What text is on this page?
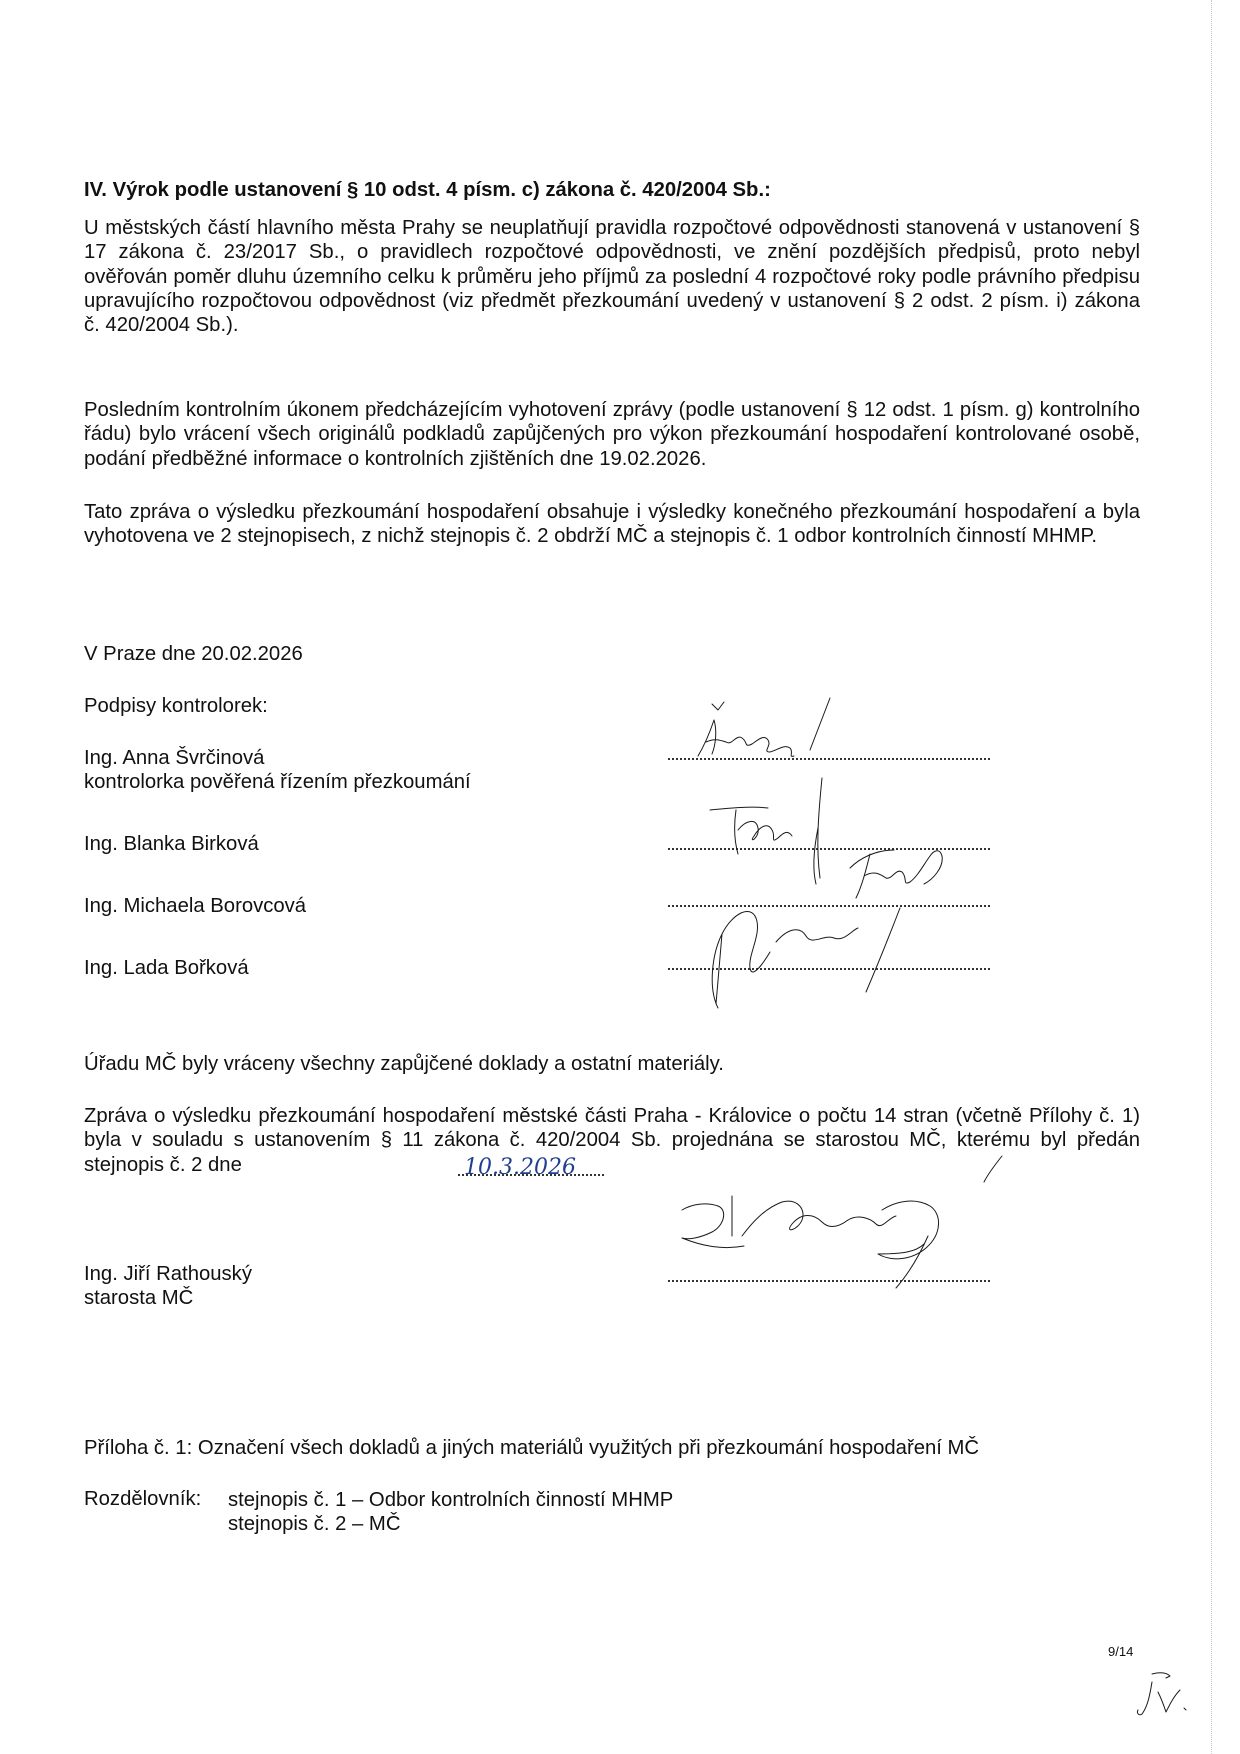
IV. Výrok podle ustanovení § 10 odst. 4 písm. c) zákona č. 420/2004 Sb.:
U městských částí hlavního města Prahy se neuplatňují pravidla rozpočtové odpovědnosti stanovená v ustanovení § 17 zákona č. 23/2017 Sb., o pravidlech rozpočtové odpovědnosti, ve znění pozdějších předpisů, proto nebyl ověřován poměr dluhu územního celku k průměru jeho příjmů za poslední 4 rozpočtové roky podle právního předpisu upravujícího rozpočtovou odpovědnost (viz předmět přezkoumání uvedený v ustanovení § 2 odst. 2 písm. i) zákona č. 420/2004 Sb.).
Posledním kontrolním úkonem předcházejícím vyhotovení zprávy (podle ustanovení § 12 odst. 1 písm. g) kontrolního řádu) bylo vrácení všech originálů podkladů zapůjčených pro výkon přezkoumání hospodaření kontrolované osobě, podání předběžné informace o kontrolních zjištěních dne 19.02.2026.
Tato zpráva o výsledku přezkoumání hospodaření obsahuje i výsledky konečného přezkoumání hospodaření a byla vyhotovena ve 2 stejnopisech, z nichž stejnopis č. 2 obdrží MČ a stejnopis č. 1 odbor kontrolních činností MHMP.
V Praze dne 20.02.2026
Podpisy kontrolorek:
Ing. Anna Švrčinová
kontrolorka pověřená řízením přezkoumání
Ing. Blanka Birková
Ing. Michaela Borovcová
Ing. Lada Bořková
Úřadu MČ byly vráceny všechny zapůjčené doklady a ostatní materiály.
Zpráva o výsledku přezkoumání hospodaření městské části Praha - Královice o počtu 14 stran (včetně Přílohy č. 1) byla v souladu s ustanovením § 11 zákona č. 420/2004 Sb. projednána se starostou MČ, kterému byl předán stejnopis č. 2 dne	10.3.2026
Ing. Jiří Rathouský
starosta MČ
Příloha č. 1: Označení všech dokladů a jiných materiálů využitých při přezkoumání hospodaření MČ
Rozdělovník: stejnopis č. 1 – Odbor kontrolních činností MHMP
stejnopis č. 2 – MČ
9/14
